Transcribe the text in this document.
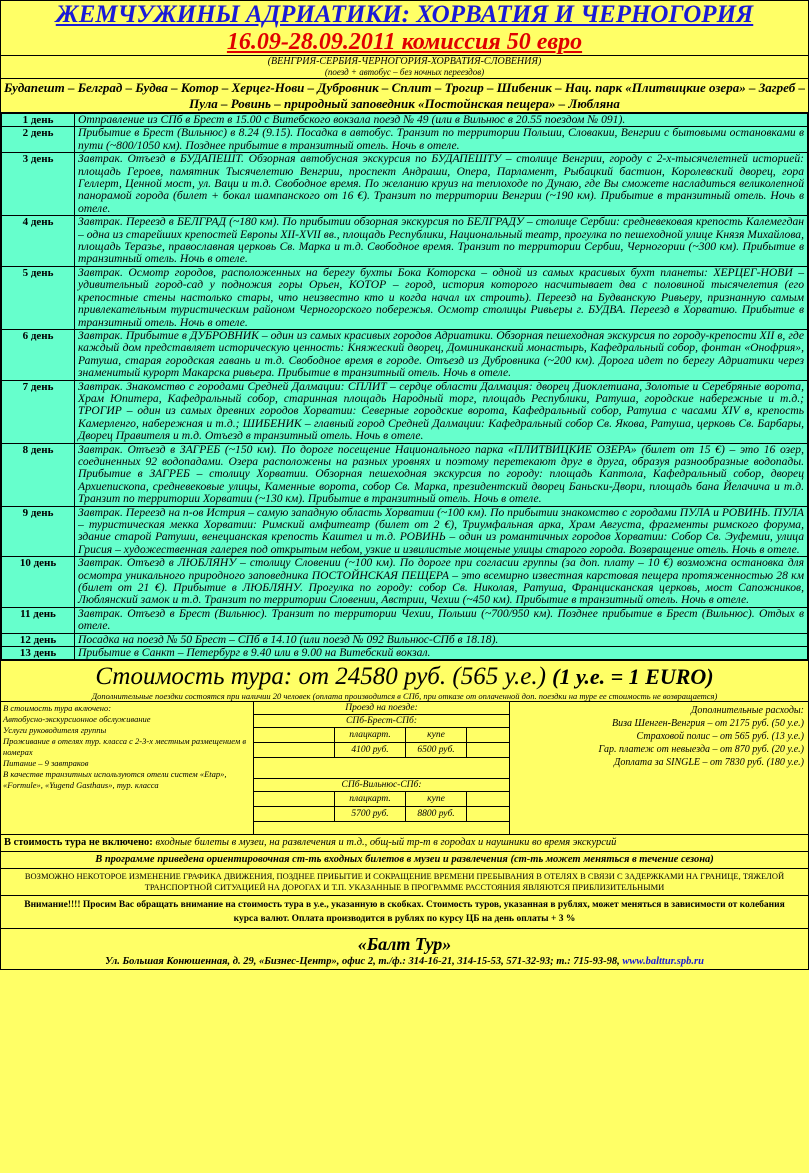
ЖЕМЧУЖИНЫ АДРИАТИКИ: ХОРВАТИЯ И ЧЕРНОГОРИЯ
16.09-28.09.2011 комиссия 50 евро
(ВЕНГРИЯ-СЕРБИЯ-ЧЕРНОГОРИЯ-ХОРВАТИЯ-СЛОВЕНИЯ)
(поезд + автобус – без ночных переездов)
Будапешт – Белград – Будва – Котор – Херцег-Нови – Дубровник – Сплит – Трогир – Шибеник – Нац. парк «Плитвицкие озера» – Загреб – Пула – Ровинь – природный заповедник «Постойнская пещера» – Любляна
1 день	Отправление из СПб в Брест в 15.00 с Витебского вокзала поезд № 49 (или в Вильнюс в 20.55 поездом № 091).
2 день	Прибытие в Брест (Вильнюс) в 8.24 (9.15). Посадка в автобус. Транзит по территории Польши, Словакии, Венгрии с бытовыми остановками в пути (~800/1050 км). Позднее прибытие в транзитный отель. Ночь в отеле.
3 день	Завтрак. Отъезд в БУДАПЕШТ. Обзорная автобусная экскурсия по БУДАПЕШТУ – столице Венгрии, городу с 2-х-тысячелетней историей: площадь Героев, памятник Тысячелетию Венгрии, проспект Андраши, Опера, Парламент, Рыбацкий бастион, Королевский дворец, гора Геллерт, Ценной мост, ул. Ваци и т.д. Свободное время. По желанию круиз на теплоходе по Дунаю, где Вы сможете насладиться великолепной панорамой города (билет + бокал шампанского от 16 €). Транзит по территории Венгрии (~190 км). Прибытие в транзитный отель. Ночь в отеле.
4 день	Завтрак. Переезд в БЕЛГРАД (~180 км). По прибытии обзорная экскурсия по БЕЛГРАДУ – столице Сербии: средневековая крепость Калемегдан – одна из старейших крепостей Европы XII-XVII вв., площадь Республики, Национальный театр, прогулка по пешеходной улице Князя Михайлова, площадь Теразье, православная церковь Св. Марка и т.д. Свободное время. Транзит по территории Сербии, Черногории (~300 км). Прибытие в транзитный отель. Ночь в отеле.
5 день	Завтрак. Осмотр городов, расположенных на берегу бухты Бока Которска – одной из самых красивых бухт планеты: ХЕРЦЕГ-НОВИ – удивительный город-сад у подножия горы Орьен, КОТОР – город, история которого насчитывает два с половиной тысячелетия (его крепостные стены настолько стары, что неизвестно кто и когда начал их строить). Переезд на Будванскую Ривьеру, признанную самым привлекательным туристическим районом Черногорского побережья. Осмотр столицы Ривьеры г. БУДВА. Переезд в Хорватию. Прибытие в транзитный отель. Ночь в отеле.
6 день	Завтрак. Прибытие в ДУБРОВНИК – один из самых красивых городов Адриатики. Обзорная пешеходная экскурсия по городу-крепости XII в, где каждый дом представляет историческую ценность: Княжеский дворец, Доминиканский монастырь, Кафедральный собор, фонтан «Онофрия», Ратуша, старая городская гавань и т.д. Свободное время в городе. Отъезд из Дубровника (~200 км). Дорога идет по берегу Адриатики через знаменитый курорт Макарска ривьера. Прибытие в транзитный отель. Ночь в отеле.
7 день	Завтрак. Знакомство с городами Средней Далмации: СПЛИТ – сердце области Далмация: дворец Диоклетиана, Золотые и Серебряные ворота, Храм Юпитера, Кафедральный собор, старинная площадь Народный торг, площадь Республики, Ратуша, городские набережные и т.д.; ТРОГИР – один из самых древних городов Хорватии: Северные городские ворота, Кафедральный собор, Ратуша с часами XIV в, крепость Камерленго, набережная и т.д.; ШИБЕНИК – главный город Средней Далмации: Кафедральный собор Св. Якова, Ратуша, церковь Св. Барбары, Дворец Правителя и т.д. Отъезд в транзитный отель. Ночь в отеле.
8 день	Завтрак. Отъезд в ЗАГРЕБ (~150 км). По дороге посещение Национального парка «ПЛИТВИЦКИЕ ОЗЕРА» (билет от 15 €) – это 16 озер, соединенных 92 водопадами. Озера расположены на разных уровнях и поэтому перетекают друг в друга, образуя разнообразные водопады. Прибытие в ЗАГРЕБ – столицу Хорватии. Обзорная пешеходная экскурсия по городу: площадь Каптола, Кафедральный собор, дворец Архиепископа, средневековые улицы, Каменные ворота, собор Св. Марка, президентский дворец Баньски-Двори, площадь бана Йелачича и т.д. Транзит по территории Хорватии (~130 км). Прибытие в транзитный отель. Ночь в отеле.
9 день	Завтрак. Переезд на п-ов Истрия – самую западную область Хорватии (~100 км). По прибытии знакомство с городами ПУЛА и РОВИНЬ. ПУЛА – туристическая мекка Хорватии: Римский амфитеатр (билет от 2 €), Триумфальная арка, Храм Августа, фрагменты римского форума, здание старой Ратуши, венецианская крепость Каштел и т.д. РОВИНЬ – один из романтичных городов Хорватии: Собор Св. Эуфемии, улица Грисия – художественная галерея под открытым небом, узкие и извилистые мощеные улицы старого города. Возвращение отель. Ночь в отеле.
10 день	Завтрак. Отъезд в ЛЮБЛЯНУ – столицу Словении (~100 км). По дороге при согласии группы (за доп. плату – 10 €) возможна остановка для осмотра уникального природного заповедника ПОСТОЙНСКАЯ ПЕЩЕРА – это всемирно известная карстовая пещера протяженностью 28 км (билет от 21 €). Прибытие в ЛЮБЛЯНУ. Прогулка по городу: собор Св. Николая, Ратуша, Францисканская церковь, мост Сапожников, Люблянский замок и т.д. Транзит по территории Словении, Австрии, Чехии (~450 км). Прибытие в транзитный отель. Ночь в отеле.
11 день	Завтрак. Отъезд в Брест (Вильнюс). Транзит по территории Чехии, Польши (~700/950 км). Позднее прибытие в Брест (Вильнюс). Отдых в отеле.
12 день	Посадка на поезд № 50 Брест – СПб в 14.10 (или поезд № 092 Вильнюс-СПб в 18.18).
13 день	Прибытие в Санкт – Петербург в 9.40 или в 9.00 на Витебский вокзал.
Стоимость тура: от 24580 руб. (565 у.е.) (1 у.е. = 1 EURO)
Дополнительные поездки состоятся при наличии 20 человек (оплата производится в СПб, при отказе от оплаченной доп. поездки на туре ее стоимость не возвращается)
В стоимость тура включено:
Автобусно-экскурсионное обслуживание
Услуги руководителя группы
Проживание в отелях тур. класса с 2-3-х местным размещением в номерах
Питание – 9 завтраков
В качестве транзитных используются отели систем «Etap», «Formule», «Yugend Gasthaus», тур. класса
Проезд на поезде:
СПб-Брест-СПб:
плацкарт.	купе
4100 руб.	6500 руб.
СПб-Вильнюс-СПб:
плацкарт.	купе
5700 руб.	8800 руб.
Дополнительные расходы:
Виза Шенген-Венгрия – от 2175 руб. (50 у.е.)
Страховой полис – от 565 руб. (13 у.е.)
Гар. платеж от невыезда – от 870 руб. (20 у.е.)
Доплата за SINGLE – от 7830 руб. (180 у.е.)
В стоимость тура не включено: входные билеты в музеи, на развлечения и т.д., общ-ый тр-т в городах и наушники во время экскурсий
В программе приведена ориентировочная ст-ть входных билетов в музеи и развлечения (ст-ть может меняться в течение сезона)
ВОЗМОЖНО НЕКОТОРОЕ ИЗМЕНЕНИЕ ГРАФИКА ДВИЖЕНИЯ, ПОЗДНЕЕ ПРИБЫТИЕ И СОКРАЩЕНИЕ ВРЕМЕНИ ПРЕБЫВАНИЯ В ОТЕЛЯХ В СВЯЗИ С ЗАДЕРЖКАМИ НА ГРАНИЦЕ, ТЯЖЕЛОЙ ТРАНСПОРТНОЙ СИТУАЦИЕЙ НА ДОРОГАХ И Т.П. УКАЗАННЫЕ В ПРОГРАММЕ РАССТОЯНИЯ ЯВЛЯЮТСЯ ПРИБЛИЗИТЕЛЬНЫМИ
Внимание!!!! Просим Вас обращать внимание на стоимость тура в у.е., указанную в скобках. Стоимость туров, указанная в рублях, может меняться в зависимости от колебания курса валют. Оплата производится в рублях по курсу ЦБ на день оплаты + 3 %
«Балт Тур»
Ул. Большая Конюшенная, д. 29, «Бизнес-Центр», офис 2, т./ф.: 314-16-21, 314-15-53, 571-32-93; т.: 715-93-98, www.balttur.spb.ru
